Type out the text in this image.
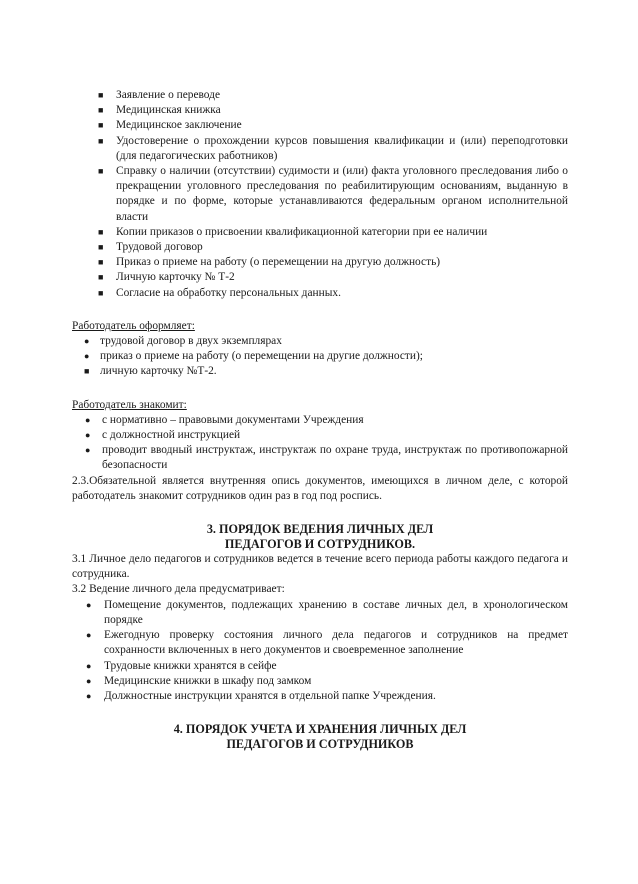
■ Заявление о переводе
■ Медицинская книжка
■ Медицинское заключение
■ Удостоверение о прохождении курсов повышения квалификации и (или) переподготовки (для педагогических работников)
■ Справку о наличии (отсутствии) судимости и (или) факта уголовного преследования либо о прекращении уголовного преследования по реабилитирующим основаниям, выданную в порядке и по форме, которые устанавливаются федеральным органом исполнительной власти
■ Копии приказов о присвоении квалификационной категории при ее наличии
■ Трудовой договор
■ Приказ о приеме на работу (о перемещении на другую должность)
■ Личную карточку № Т-2
■ Согласие на обработку персональных данных.

Работодатель оформляет:

● трудовой договор в двух экземплярах
● приказ о приеме на работу (о перемещении на другие должности);
■ личную карточку №Т-2.

Работодатель знакомит:

● с нормативно – правовыми документами Учреждения
● с должностной инструкцией
● проводит вводный инструктаж, инструктаж по охране труда, инструктаж по противопожарной безопасности

2.3.Обязательной является внутренняя опись документов, имеющихся в личном деле, с которой работодатель знакомит сотрудников один раз в год под роспись.

3. ПОРЯДОК ВЕДЕНИЯ ЛИЧНЫХ ДЕЛ

ПЕДАГОГОВ И СОТРУДНИКОВ.

3.1 Личное дело педагогов и сотрудников ведется в течение всего периода работы каждого педагога и сотрудника.

3.2 Ведение личного дела предусматривает:

● Помещение документов, подлежащих хранению в составе личных дел, в хронологическом порядке
● Ежегодную проверку состояния личного дела педагогов и сотрудников на предмет сохранности включенных в него документов и своевременное заполнение
● Трудовые книжки хранятся в сейфе
● Медицинские книжки в шкафу под замком
● Должностные инструкции хранятся в отдельной папке Учреждения.

4. ПОРЯДОК УЧЕТА И ХРАНЕНИЯ ЛИЧНЫХ ДЕЛ

ПЕДАГОГОВ И СОТРУДНИКОВ
